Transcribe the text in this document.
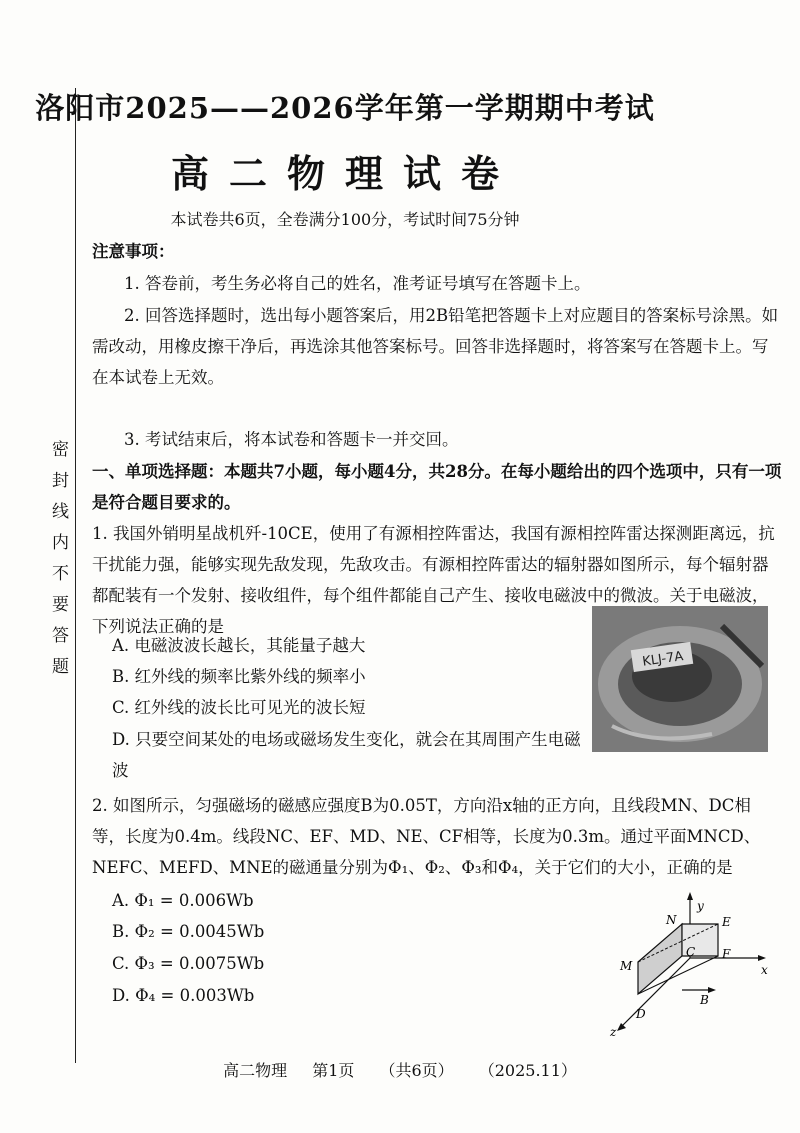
密封线内不要答题
洛阳市2025——2026学年第一学期期中考试
高二物理试卷
本试卷共6页，全卷满分100分，考试时间75分钟
注意事项：
1. 答卷前，考生务必将自己的姓名，准考证号填写在答题卡上。
2. 回答选择题时，选出每小题答案后，用2B铅笔把答题卡上对应题目的答案标号涂黑。如需改动，用橡皮擦干净后，再选涂其他答案标号。回答非选择题时，将答案写在答题卡上。写在本试卷上无效。
3. 考试结束后，将本试卷和答题卡一并交回。
一、单项选择题：本题共7小题，每小题4分，共28分。在每小题给出的四个选项中，只有一项是符合题目要求的。
1. 我国外销明星战机歼-10CE，使用了有源相控阵雷达，我国有源相控阵雷达探测距离远，抗干扰能力强，能够实现先敌发现，先敌攻击。有源相控阵雷达的辐射器如图所示，每个辐射器都配装有一个发射、接收组件，每个组件都能自己产生、接收电磁波中的微波。关于电磁波，下列说法正确的是
A. 电磁波波长越长，其能量子越大
B. 红外线的频率比紫外线的频率小
C. 红外线的波长比可见光的波长短
D. 只要空间某处的电场或磁场发生变化，就会在其周围产生电磁波
2. 如图所示，匀强磁场的磁感应强度B为0.05T，方向沿x轴的正方向，且线段MN、DC相等，长度为0.4m。线段NC、EF、MD、NE、CF相等，长度为0.3m。通过平面MNCD、NEFC、MEFD、MNE的磁通量分别为Φ₁、Φ₂、Φ₃和Φ₄，关于它们的大小，正确的是
A. Φ₁ = 0.006Wb
B. Φ₂ = 0.0045Wb
C. Φ₃ = 0.0075Wb
D. Φ₄ = 0.003Wb
KLJ-7A
y
x
z
N	E
M
C F
D
B
高二物理 第1页 （共6页） （2025.11）
